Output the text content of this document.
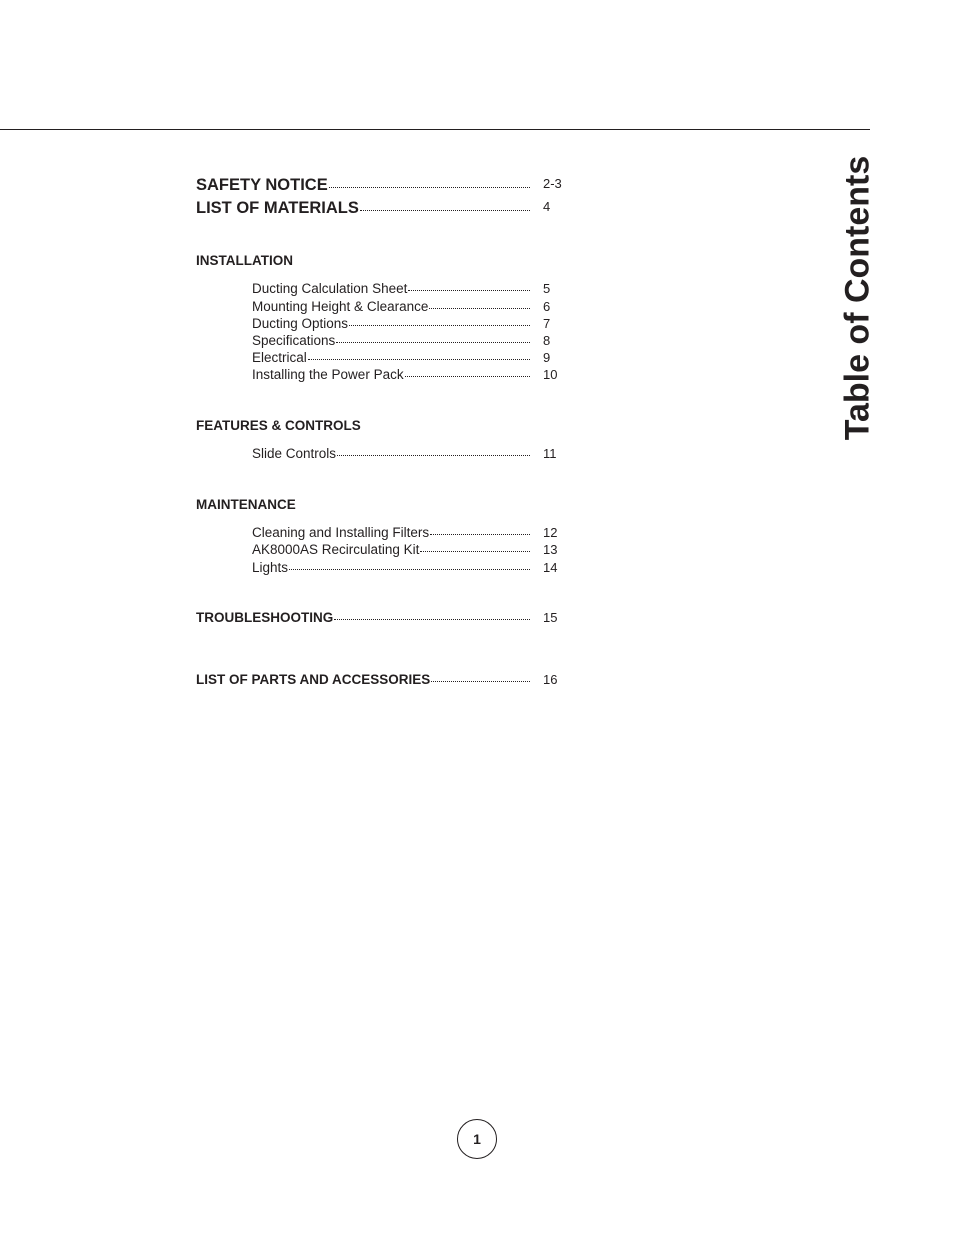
Table of Contents
SAFETY NOTICE	2-3
LIST OF MATERIALS	4
INSTALLATION
Ducting Calculation Sheet	5
Mounting Height & Clearance	6
Ducting Options	7
Specifications	8
Electrical	9
Installing the Power Pack	10
FEATURES & CONTROLS
Slide Controls	11
MAINTENANCE
Cleaning and Installing Filters	12
AK8000AS Recirculating Kit	13
Lights	14
TROUBLESHOOTING	15
LIST OF PARTS AND ACCESSORIES	16
1
